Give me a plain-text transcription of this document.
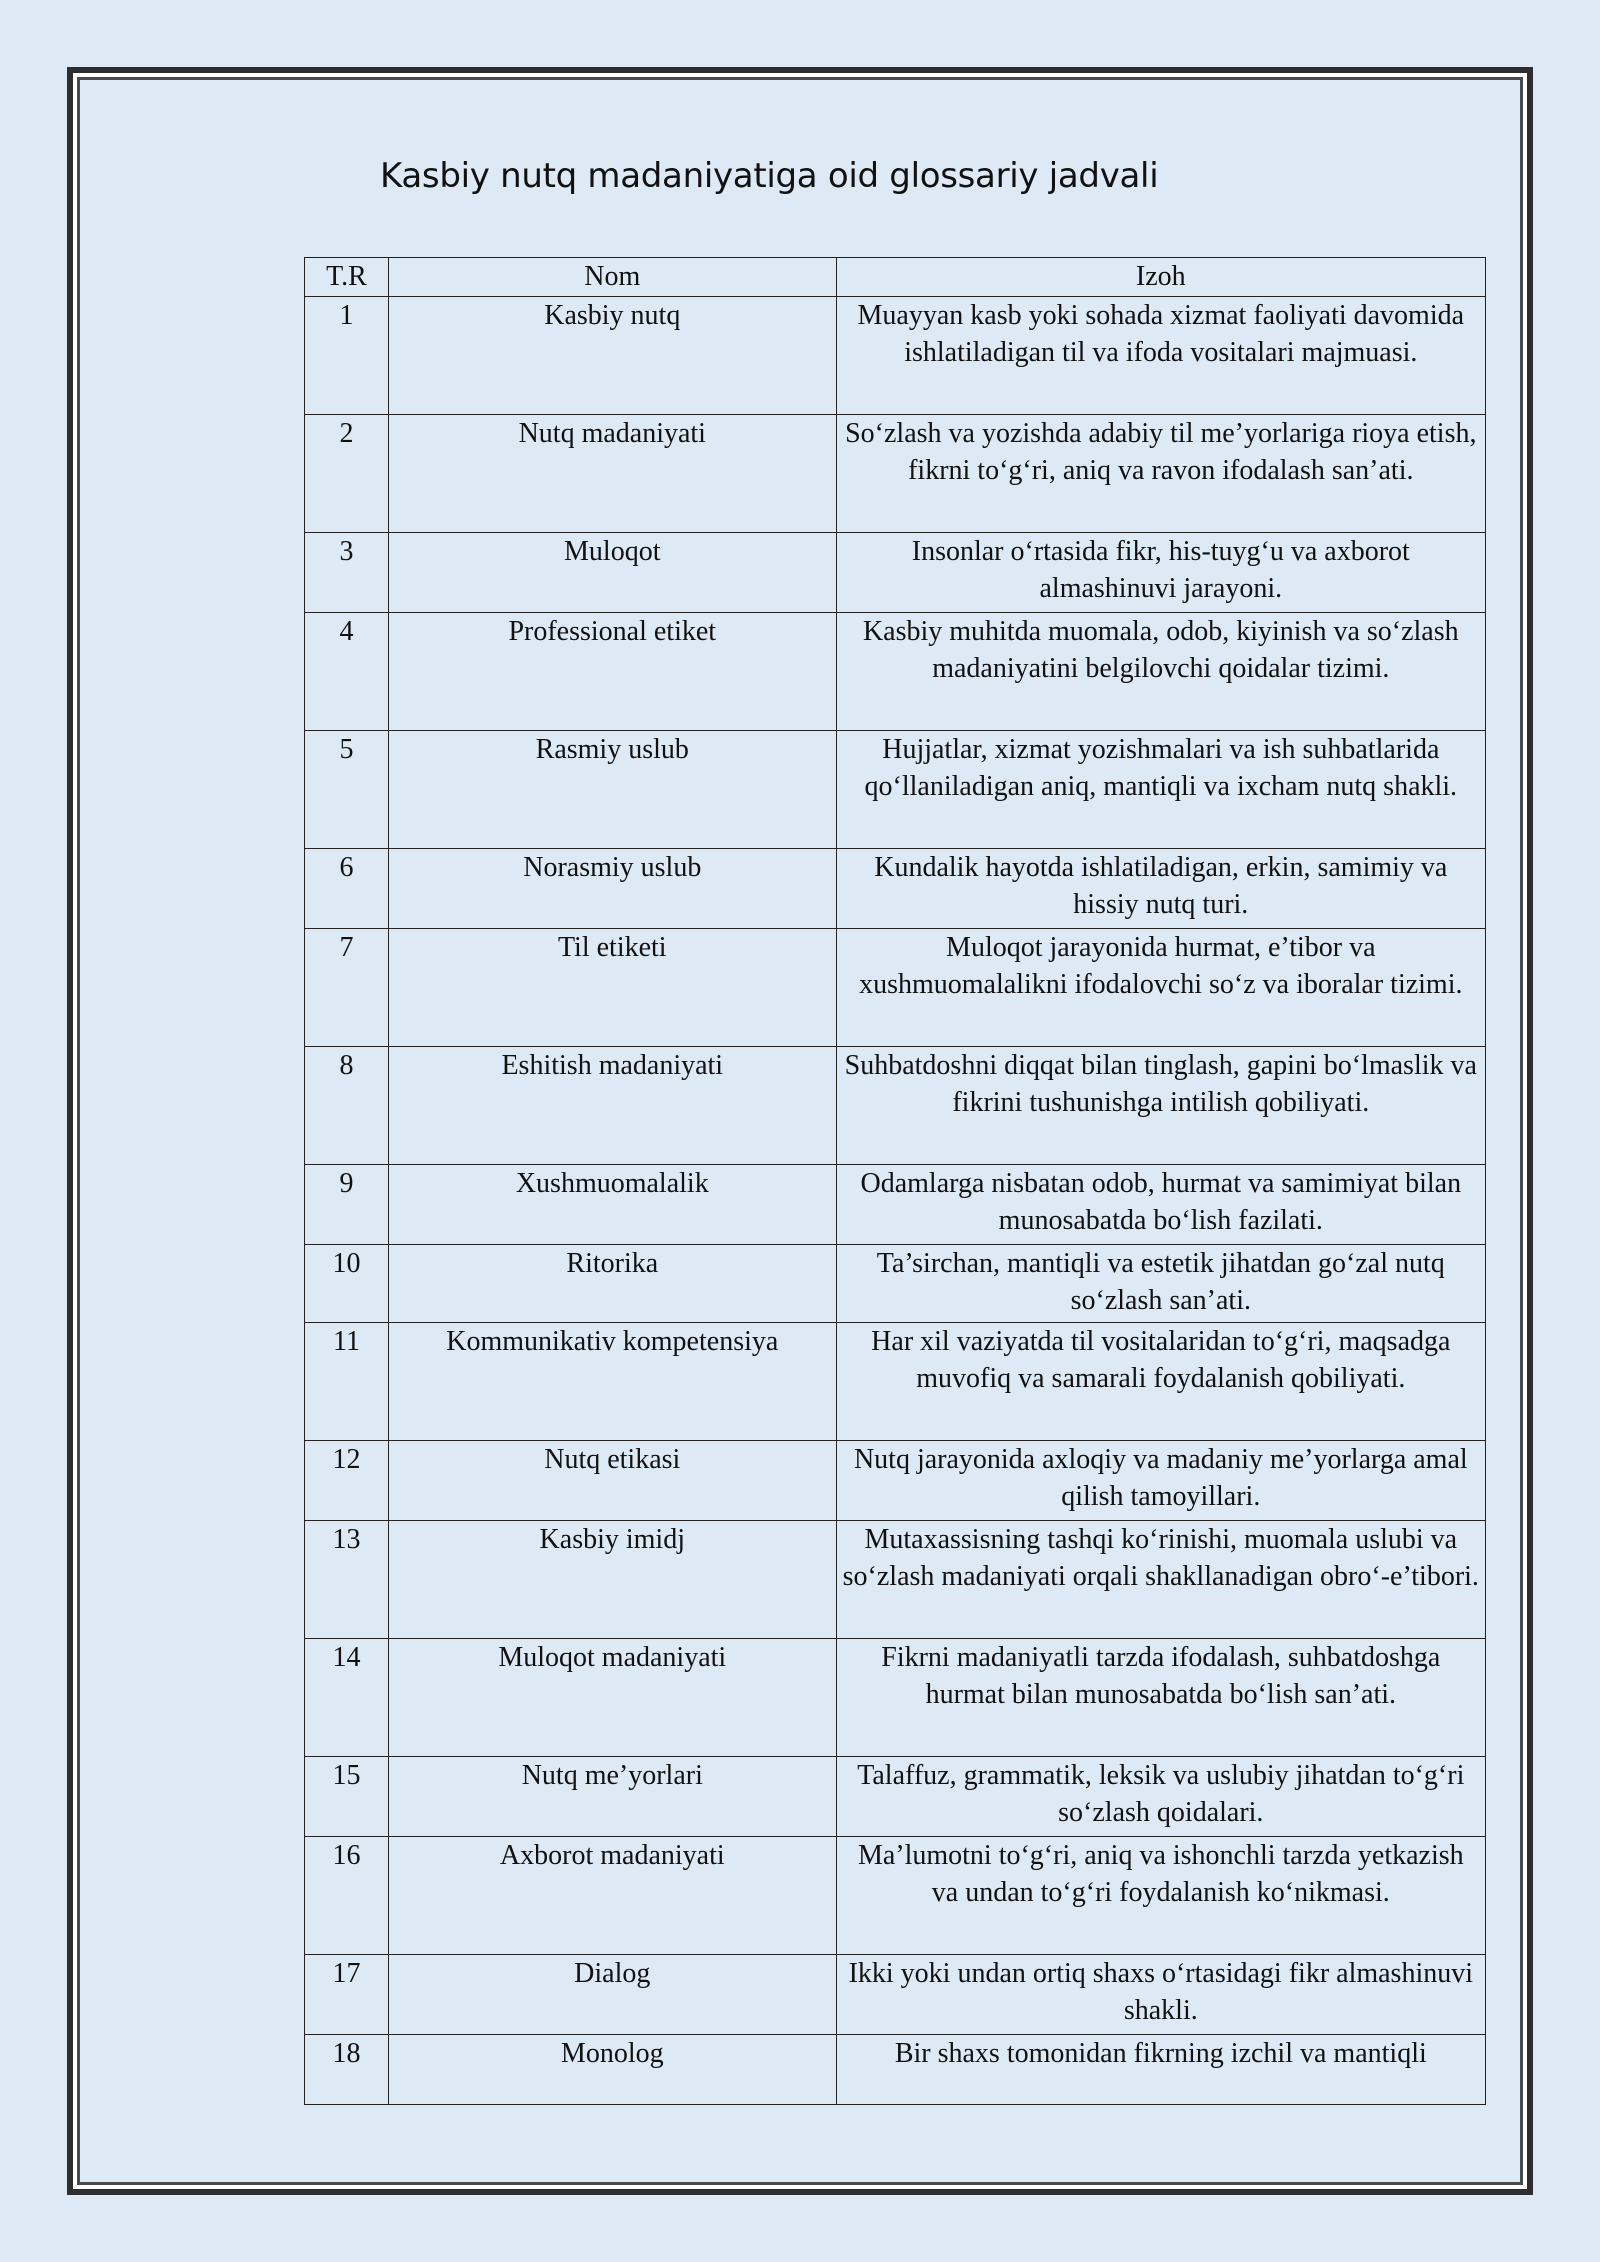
Kasbiy nutq madaniyatiga oid glossariy jadvali
T.R	Nom	Izoh
1	Kasbiy nutq	Muayyan kasb yoki sohada xizmat faoliyati davomida ishlatiladigan til va ifoda vositalari majmuasi.
2	Nutq madaniyati	So‘zlash va yozishda adabiy til me’yorlariga rioya etish, fikrni to‘g‘ri, aniq va ravon ifodalash san’ati.
3	Muloqot	Insonlar o‘rtasida fikr, his-tuyg‘u va axborot almashinuvi jarayoni.
4	Professional etiket	Kasbiy muhitda muomala, odob, kiyinish va so‘zlash madaniyatini belgilovchi qoidalar tizimi.
5	Rasmiy uslub	Hujjatlar, xizmat yozishmalari va ish suhbatlarida qo‘llaniladigan aniq, mantiqli va ixcham nutq shakli.
6	Norasmiy uslub	Kundalik hayotda ishlatiladigan, erkin, samimiy va hissiy nutq turi.
7	Til etiketi	Muloqot jarayonida hurmat, e’tibor va xushmuomalalikni ifodalovchi so‘z va iboralar tizimi.
8	Eshitish madaniyati	Suhbatdoshni diqqat bilan tinglash, gapini bo‘lmaslik va fikrini tushunishga intilish qobiliyati.
9	Xushmuomalalik	Odamlarga nisbatan odob, hurmat va samimiyat bilan munosabatda bo‘lish fazilati.
10	Ritorika	Ta’sirchan, mantiqli va estetik jihatdan go‘zal nutq so‘zlash san’ati.
11	Kommunikativ kompetensiya	Har xil vaziyatda til vositalaridan to‘g‘ri, maqsadga muvofiq va samarali foydalanish qobiliyati.
12	Nutq etikasi	Nutq jarayonida axloqiy va madaniy me’yorlarga amal qilish tamoyillari.
13	Kasbiy imidj	Mutaxassisning tashqi ko‘rinishi, muomala uslubi va so‘zlash madaniyati orqali shakllanadigan obro‘-e’tibori.
14	Muloqot madaniyati	Fikrni madaniyatli tarzda ifodalash, suhbatdoshga hurmat bilan munosabatda bo‘lish san’ati.
15	Nutq me’yorlari	Talaffuz, grammatik, leksik va uslubiy jihatdan to‘g‘ri so‘zlash qoidalari.
16	Axborot madaniyati	Ma’lumotni to‘g‘ri, aniq va ishonchli tarzda yetkazish va undan to‘g‘ri foydalanish ko‘nikmasi.
17	Dialog	Ikki yoki undan ortiq shaxs o‘rtasidagi fikr almashinuvi shakli.
18	Monolog	Bir shaxs tomonidan fikrning izchil va mantiqli
